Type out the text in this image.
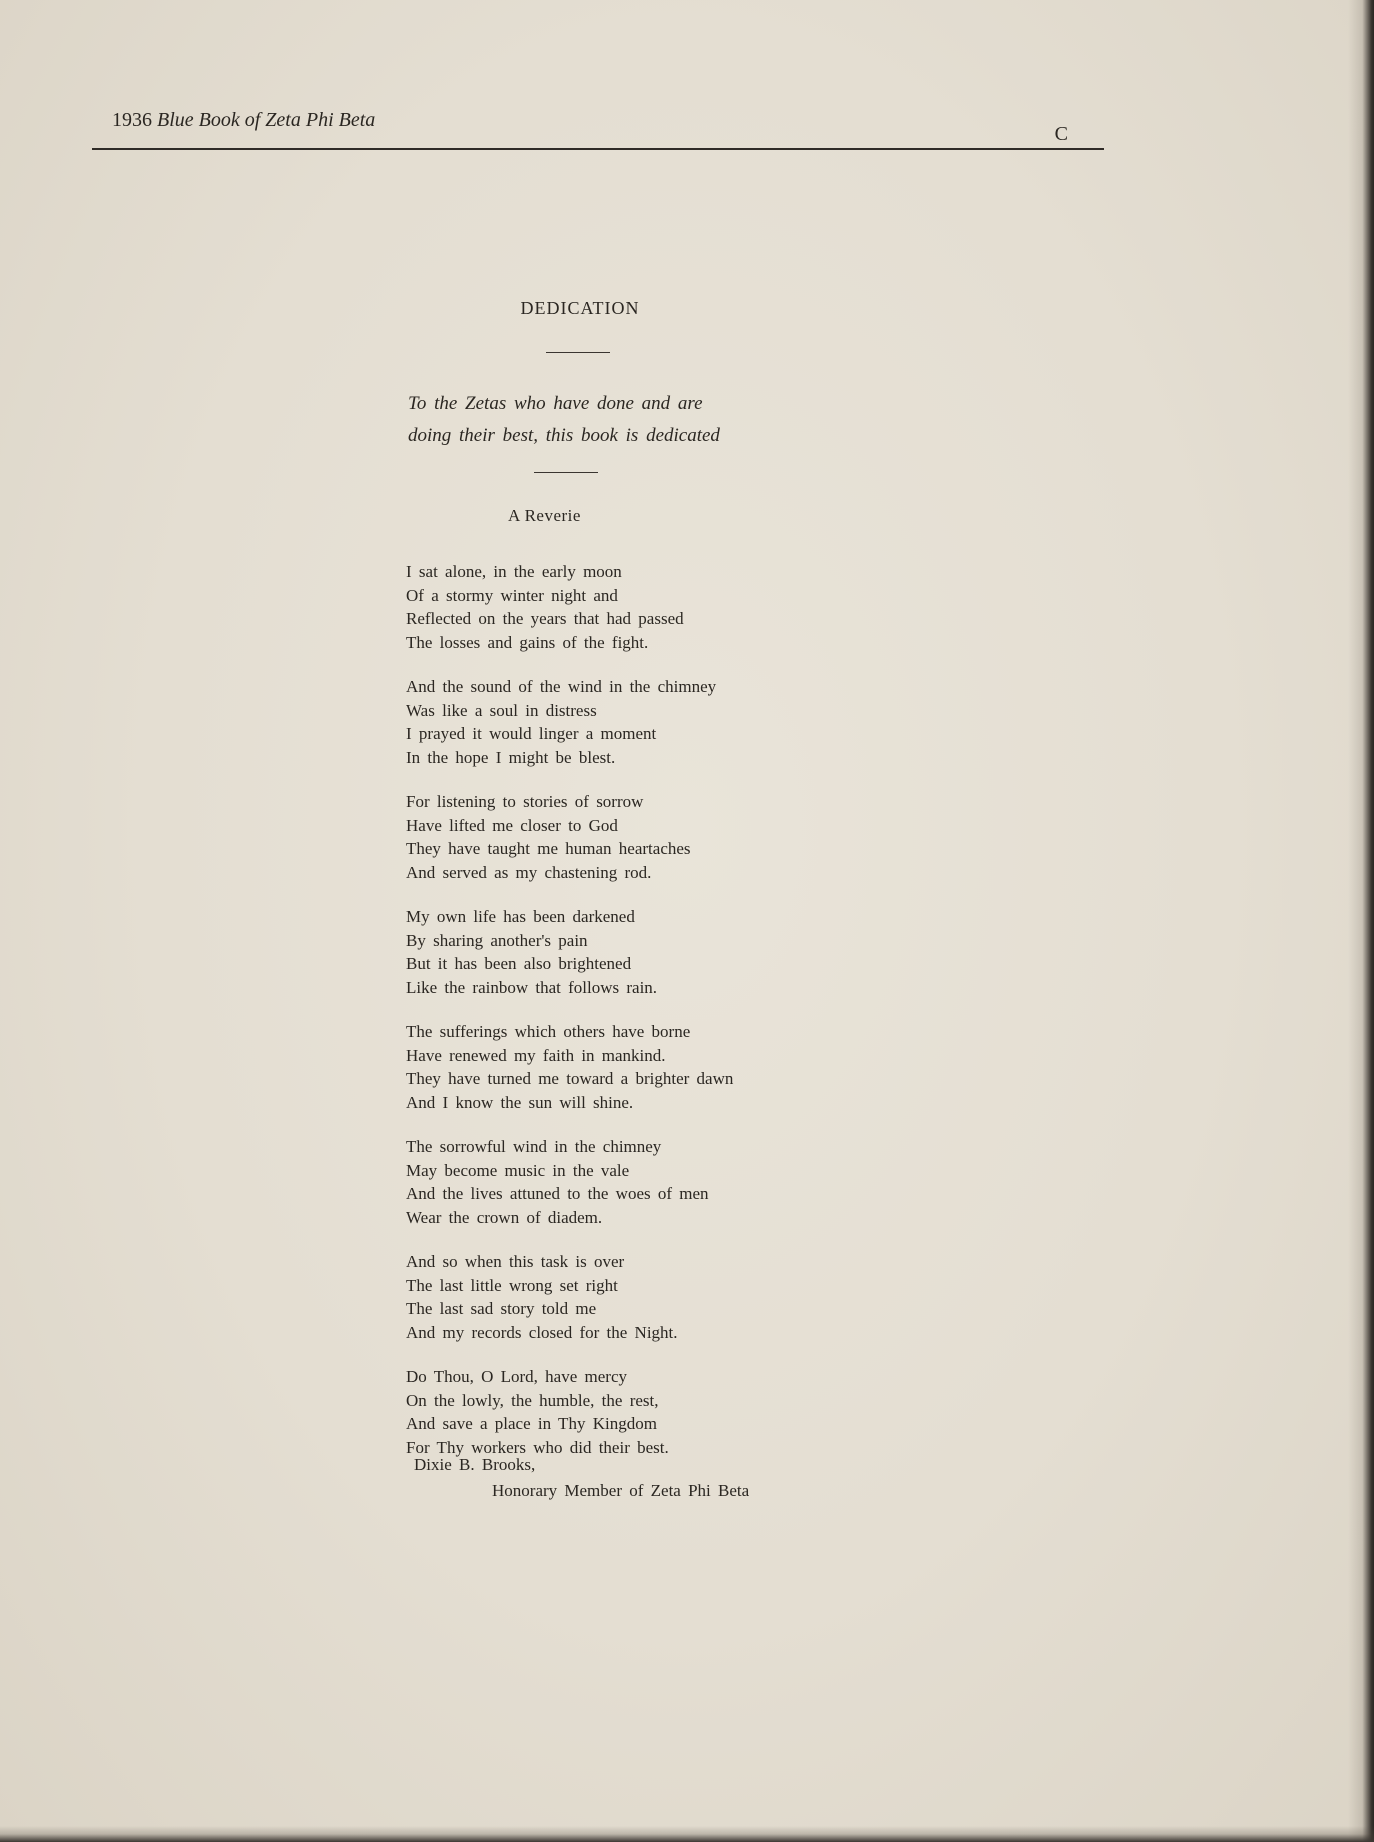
1936 Blue Book of Zeta Phi Beta
C
DEDICATION
To the Zetas who have done and are
doing their best, this book is dedicated
A Reverie
I sat alone, in the early moon
Of a stormy winter night and
Reflected on the years that had passed
The losses and gains of the fight.
And the sound of the wind in the chimney
Was like a soul in distress
I prayed it would linger a moment
In the hope I might be blest.
For listening to stories of sorrow
Have lifted me closer to God
They have taught me human heartaches
And served as my chastening rod.
My own life has been darkened
By sharing another's pain
But it has been also brightened
Like the rainbow that follows rain.
The sufferings which others have borne
Have renewed my faith in mankind.
They have turned me toward a brighter dawn
And I know the sun will shine.
The sorrowful wind in the chimney
May become music in the vale
And the lives attuned to the woes of men
Wear the crown of diadem.
And so when this task is over
The last little wrong set right
The last sad story told me
And my records closed for the Night.
Do Thou, O Lord, have mercy
On the lowly, the humble, the rest,
And save a place in Thy Kingdom
For Thy workers who did their best.
Dixie B. Brooks,
Honorary Member of Zeta Phi Beta
